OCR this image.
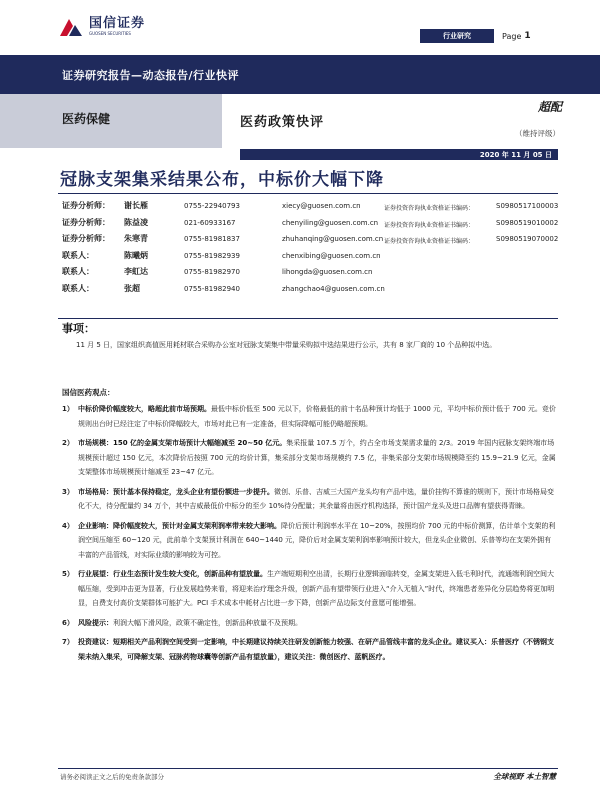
国信证券
GUOSEN SECURITIES	行业研究	Page 1
证券研究报告—动态报告/行业快评
医药保健	医药政策快评
超配
（维持评级）
2020 年 11 月 05 日
冠脉支架集采结果公布，中标价大幅下降
证券分析师： 谢长雁	0755-22940793	xiecy@guosen.com.cn	证券投资咨询执业资格证书编码：	S0980517100003
证券分析师： 陈益凌	021-60933167	chenyiling@guosen.com.cn 证券投资咨询执业资格证书编码：	S0980519010002
证券分析师： 朱寒青	0755-81981837	zhuhanqing@guosen.com.cn 证券投资咨询执业资格证书编码：	S0980519070002
联系人：	陈曦炳	0755-81982939	chenxibing@guosen.com.cn
联系人：	李虹达	0755-81982970	lihongda@guosen.com.cn
联系人：	张超	0755-81982940	zhangchao4@guosen.com.cn
事项：

11 月 5 日，国家组织高值医用耗材联合采购办公室对冠脉支架集中带量采购拟中选结果进行公示，共有 8 家厂商的 10 个品种拟中选。

国信医药观点：
1） 中标价降价幅度较大，略超此前市场预期。最低中标价低至 500 元以下，价格最低的前十名品种预计均低于 1000 元，平均中标价预计低于 700 元。竞价规则出台时已经注定了中标价降幅较大，市场对此已有一定准备，但实际降幅可能仍略超预期。
2） 市场规模：150 亿的金属支架市场预计大幅缩减至 20~50 亿元。集采报量 107.5 万个，约占全市场支架需求量的 2/3。2019 年国内冠脉支架终端市场规模预计超过 150 亿元，本次降价后按照 700 元的均价计算，集采部分支架市场规模约 7.5 亿，非集采部分支架市场规模降至约 15.9~21.9 亿元，金属支架整体市场规模预计缩减至 23~47 亿元。
3） 市场格局：预计基本保持稳定，龙头企业有望份额进一步提升。微创、乐普、吉威三大国产龙头均有产品中选，量价挂钩不算谁的规则下，预计市场格局变化不大，待分配量约 34 万个，其中吉威最低价中标分的至少 10%待分配量；其余量将由医疗机构选择，预计国产龙头及进口品牌有望获得青睐。
4） 企业影响：降价幅度较大，预计对金属支架利润率带来较大影响。降价后预计利润率水平在 10~20%，按照均价 700 元的中标价测算，估计单个支架的利润空间压缩至 60~120 元，此前单个支架预计利润在 640~1440 元，降价后对金属支架利润率影响预计较大，但龙头企业微创、乐普等均在支架外拥有丰富的产品管线，对实际业绩的影响较为可控。
5） 行业展望：行业生态预计发生较大变化，创新品种有望放量。生产端短期利空出清，长期行业逻辑面临转变，金属支架进入低毛利时代，流通端利润空间大幅压缩，受到冲击更为显著，行业发展趋势来看，将迎来治疗理念升级，创新产品有望带领行业进入“介入无植入”时代，终端患者差异化分层趋势将更加明显，自费支付高价支架群体可能扩大。PCI 手术成本中耗材占比进一步下降，创新产品边际支付意愿可能增强。
6） 风险提示：利润大幅下滑风险，政策不确定性，创新品种放量不及预期。
7） 投资建议：短期相关产品利润空间受到一定影响，中长期建议持续关注研发创新能力较强、在研产品管线丰富的龙头企业。建议买入：乐普医疗（不锈钢支架未纳入集采，可降解支架、冠脉药物球囊等创新产品有望放量），建议关注：微创医疗、蓝帆医疗。
请务必阅读正文之后的免责条款部分	全球视野 本土智慧
